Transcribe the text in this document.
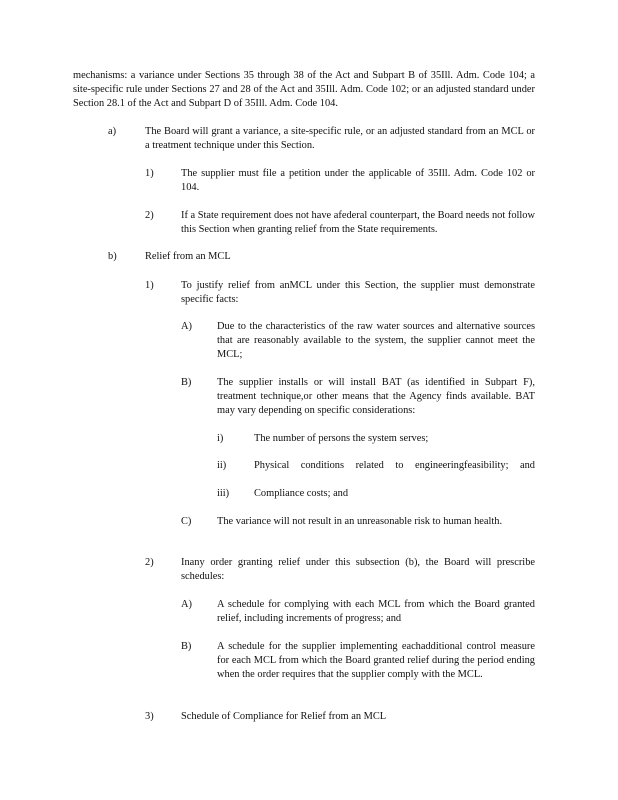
mechanisms: a variance under Sections 35 through 38 of the Act and Subpart B of 35Ill. Adm. Code 104; a site-specific rule under Sections 27 and 28 of the Act and 35Ill. Adm. Code 102; or an adjusted standard under Section 28.1 of the Act and Subpart D of 35Ill. Adm. Code 104.
a)	The Board will grant a variance, a site-specific rule, or an adjusted standard from an MCL or a treatment technique under this Section.
1)	The supplier must file a petition under the applicable of 35Ill. Adm. Code 102 or 104.
2)	If a State requirement does not have afederal counterpart, the Board needs not follow this Section when granting relief from the State requirements.
b)	Relief from an MCL
1)	To justify relief from anMCL under this Section, the supplier must demonstrate specific facts:
A) Due to the characteristics of the raw water sources and alternative sources that are reasonably available to the system, the supplier cannot meet the MCL;
B) The supplier installs or will install BAT (as identified in Subpart F), treatment technique,or other means that the Agency finds available. BAT may vary depending on specific considerations:
i)	The number of persons the system serves;
ii)	Physical conditions related to engineeringfeasibility; and
iii) Compliance costs; and
C) The variance will not result in an unreasonable risk to human health.
2)	Inany order granting relief under this subsection (b), the Board will prescribe schedules:
A) A schedule for complying with each MCL from which the Board granted relief, including increments of progress; and
B) A schedule for the supplier implementing eachadditional control measure for each MCL from which the Board granted relief during the period ending when the order requires that the supplier comply with the MCL.
3)	Schedule of Compliance for Relief from an MCL
